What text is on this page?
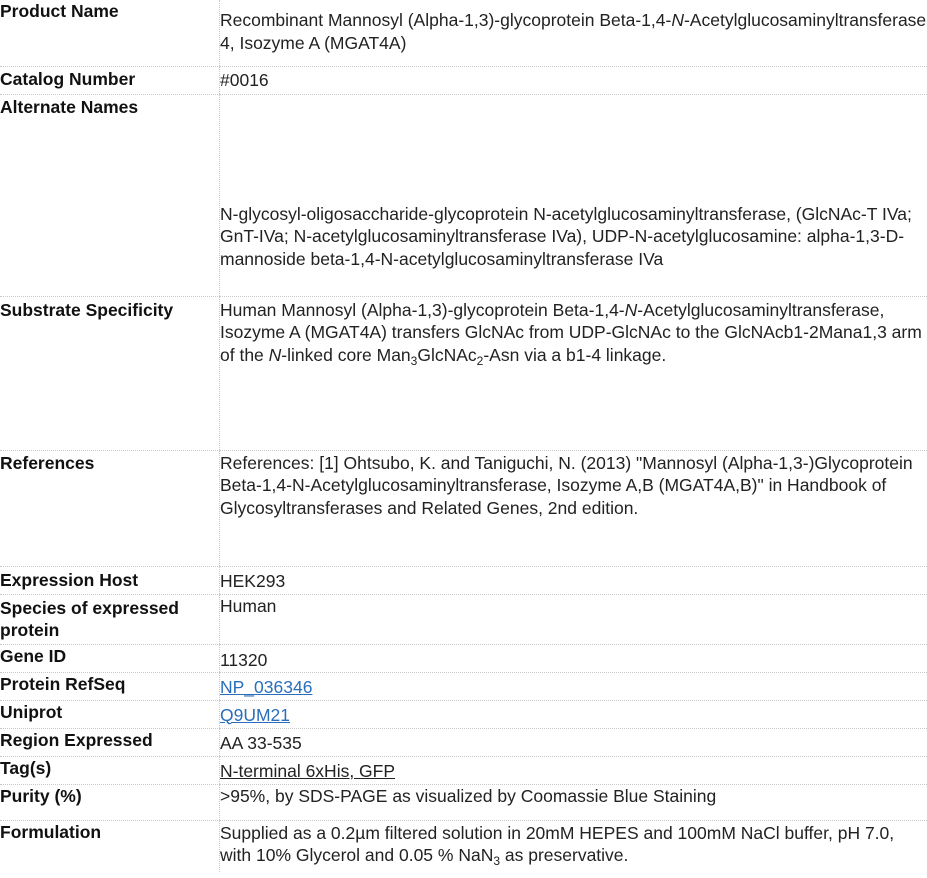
Product Name	Recombinant Mannosyl (Alpha-1,3)-glycoprotein Beta-1,4-N-Acetylglucosaminyltransferase 4, Isozyme A (MGAT4A)
Catalog Number	#0016
Alternate Names	N-glycosyl-oligosaccharide-glycoprotein N-acetylglucosaminyltransferase, (GlcNAc-T IVa; GnT-IVa; N-acetylglucosaminyltransferase IVa), UDP-N-acetylglucosamine: alpha-1,3-D-mannoside beta-1,4-N-acetylglucosaminyltransferase IVa
Substrate Specificity	Human Mannosyl (Alpha-1,3)-glycoprotein Beta-1,4-N-Acetylglucosaminyltransferase, Isozyme A (MGAT4A) transfers GlcNAc from UDP-GlcNAc to the GlcNAcb1-2Mana1,3 arm of the N-linked core Man$_3$GlcNAc$_2$-Asn via a b1-4 linkage.
References	References: [1] Ohtsubo, K. and Taniguchi, N. (2013) "Mannosyl (Alpha-1,3-)Glycoprotein Beta-1,4-N-Acetylglucosaminyltransferase, Isozyme A,B (MGAT4A,B)" in Handbook of Glycosyltransferases and Related Genes, 2nd edition.
Expression Host	HEK293
Species of expressed protein	Human
Gene ID	11320
Protein RefSeq	NP_036346
Uniprot	Q9UM21
Region Expressed	AA 33-535
Tag(s)	N-terminal 6xHis, GFP
Purity (%)	>95%, by SDS-PAGE as visualized by Coomassie Blue Staining
Formulation	Supplied as a 0.2µm filtered solution in 20mM HEPES and 100mM NaCl buffer, pH 7.0, with 10% Glycerol and 0.05 % NaN$_3$ as preservative.
